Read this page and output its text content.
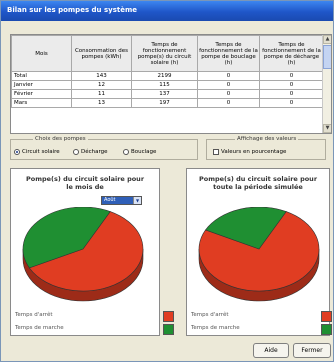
Bilan sur les pompes du système
Mois	Consommation des pompes (kWh)	Temps de fonctionnement pompe(s) du circuit solaire (h)	Temps de fonctionnement de la pompe de bouclage (h)	Temps de fonctionnement de la pompe de décharge (h)
Total	143	2199	0	0
Janvier	12	115	0	0
Février	11	137	0	0
Mars	13	197	0	0
▲
▼
Choix des pompes
Circuit solaire	Décharge	Bouclage
Affichage des valeurs
Valeurs en pourcentage
Pompe(s) du circuit solaire pour le mois de
Août	▼
Temps d'arrêt
Temps de marche
Pompe(s) du circuit solaire pour toute la période simulée
Temps d'arrêt
Temps de marche
Aide	Fermer
